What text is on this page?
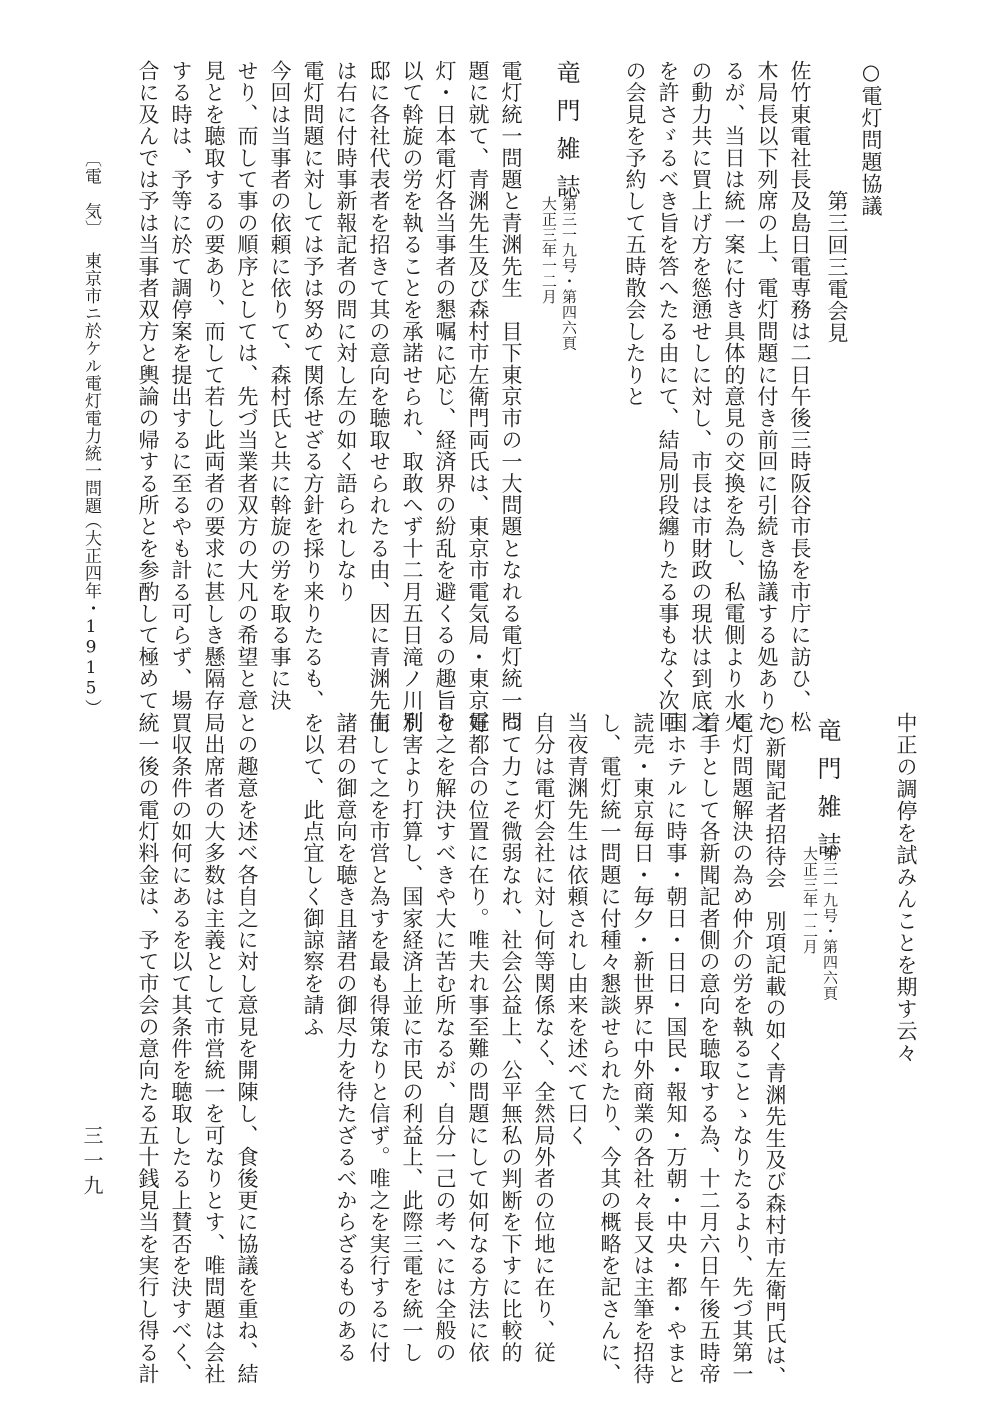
○電灯問題協議
第三回三電会見
佐竹東電社長及島日電専務は二日午後三時阪谷市長を市庁に訪ひ、松
木局長以下列席の上、電灯問題に付き前回に引続き協議する処ありた
るが、当日は統一案に付き具体的意見の交換を為し、私電側より水火
の動力共に買上げ方を慫慂せしに対し、市長は市財政の現状は到底之
を許さゞるべき旨を答へたる由にて、結局別段纏りたる事もなく次回
の会見を予約して五時散会したりと
竜門雑誌
第三一九号・第四六頁
大正三年一二月
電灯統一問題と青渊先生　目下東京市の一大問題となれる電灯統一問
題に就て、青渊先生及び森村市左衛門両氏は、東京市電気局・東京電
灯・日本電灯各当事者の懇嘱に応じ、経済界の紛乱を避くるの趣旨を
以て斡旋の労を執ることを承諾せられ、取敢へず十二月五日滝ノ川別
邸に各社代表者を招きて其の意向を聴取せられたる由、因に青渊先生
は右に付時事新報記者の問に対し左の如く語られしなり
電灯問題に対しては予は努めて関係せざる方針を採り来りたるも、
今回は当事者の依頼に依りて、森村氏と共に斡旋の労を取る事に決
せり、而して事の順序としては、先づ当業者双方の大凡の希望と意
見とを聴取するの要あり、而して若し此両者の要求に甚しき懸隔存
する時は、予等に於て調停案を提出するに至るやも計る可らず、場
合に及んでは予は当事者双方と輿論の帰する所とを参酌して極めて
〔電　気〕
東京市ニ於ケル電灯電力統一問題
（大正四年・1915）
中正の調停を試みんことを期す云々
竜門雑誌
第三一九号・第四六頁
大正三年一二月
○新聞記者招待会　別項記載の如く青渊先生及び森村市左衛門氏は、
電灯問題解決の為め仲介の労を執ることゝなりたるより、先づ其第一
着手として各新聞記者側の意向を聴取する為、十二月六日午後五時帝
国ホテルに時事・朝日・日日・国民・報知・万朝・中央・都・やまと
読売・東京毎日・毎夕・新世界に中外商業の各社々長又は主筆を招待
し、電灯統一問題に付種々懇談せられたり、今其の概略を記さんに、
当夜青渊先生は依頼されし由来を述べて曰く
自分は電灯会社に対し何等関係なく、全然局外者の位地に在り、従
つて力こそ微弱なれ、社会公益上、公平無私の判断を下すに比較的
好都合の位置に在り。唯夫れ事至難の問題にして如何なる方法に依
り之を解決すべきや大に苦む所なるが、自分一己の考へには全般の
利害より打算し、国家経済上並に市民の利益上、此際三電を統一し
而して之を市営と為すを最も得策なりと信ず。唯之を実行するに付
諸君の御意向を聴き且諸君の御尽力を待たざるべからざるものある
を以て、此点宜しく御諒察を請ふ
との趣意を述べ各自之に対し意見を開陳し、食後更に協議を重ね、結
局出席者の大多数は主義として市営統一を可なりとす、唯問題は会社
買収条件の如何にあるを以て其条件を聴取したる上賛否を決すべく、
統一後の電灯料金は、予て市会の意向たる五十銭見当を実行し得る計
三一九
